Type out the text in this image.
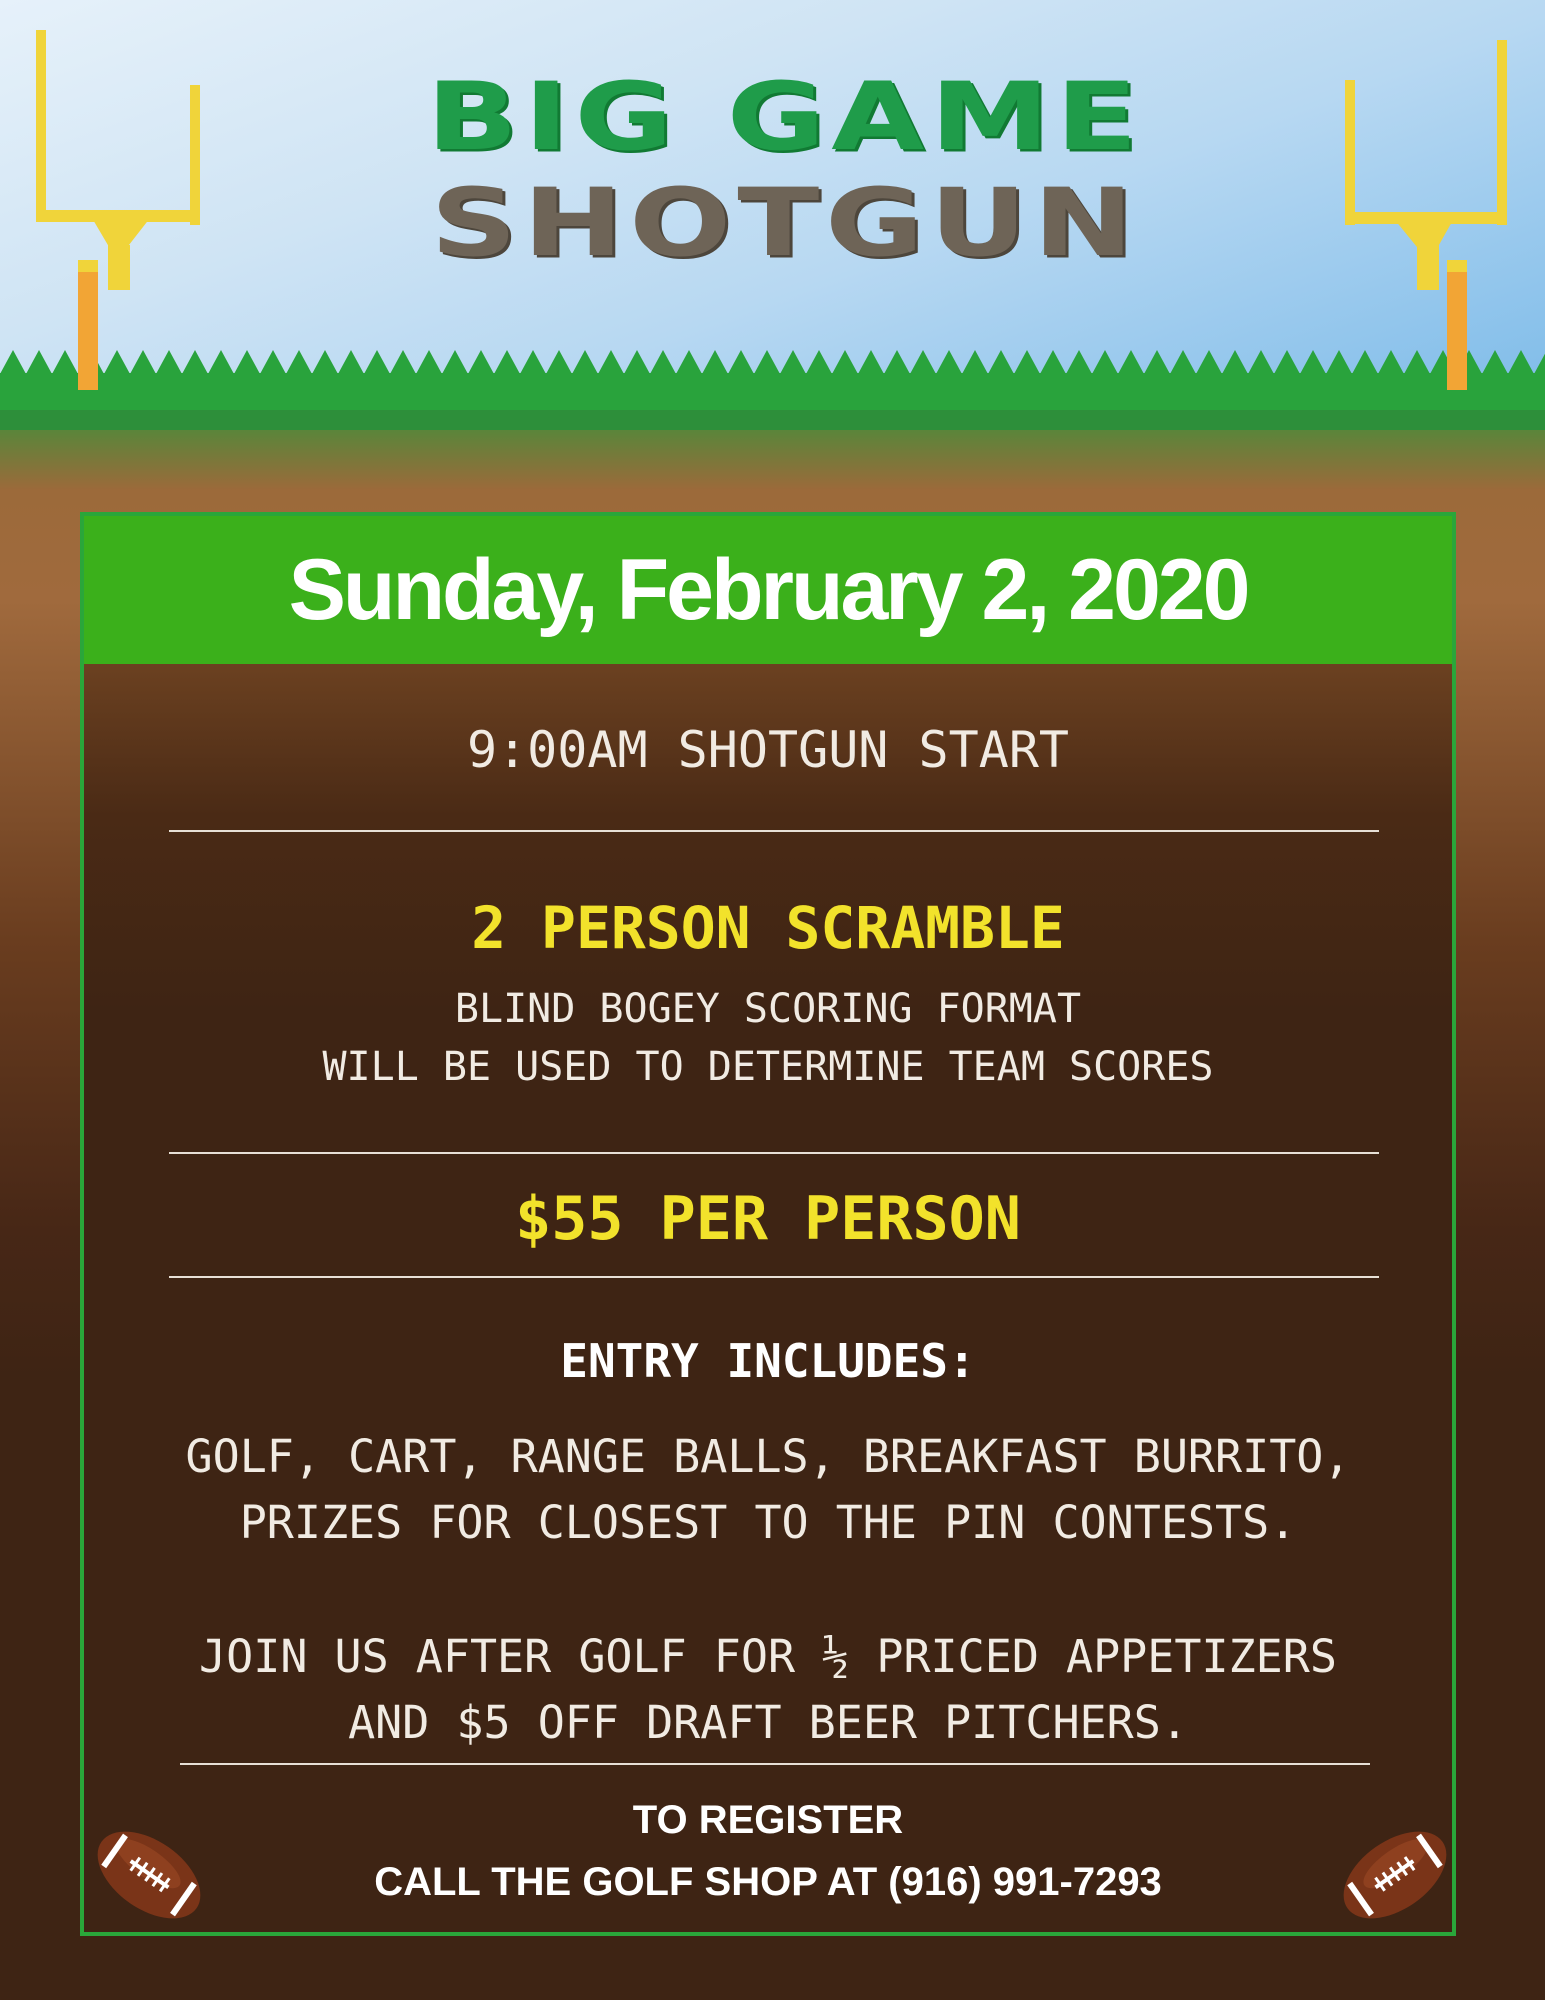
BIG GAME
SHOTGUN
Sunday, February 2, 2020
9:00AM SHOTGUN START
2 PERSON SCRAMBLE
BLIND BOGEY SCORING FORMAT
WILL BE USED TO DETERMINE TEAM SCORES
$55 PER PERSON
ENTRY INCLUDES:
GOLF, CART, RANGE BALLS, BREAKFAST BURRITO,
PRIZES FOR CLOSEST TO THE PIN CONTESTS.
JOIN US AFTER GOLF FOR ½ PRICED APPETIZERS
AND $5 OFF DRAFT BEER PITCHERS.
TO REGISTER
CALL THE GOLF SHOP AT (916) 991-7293
